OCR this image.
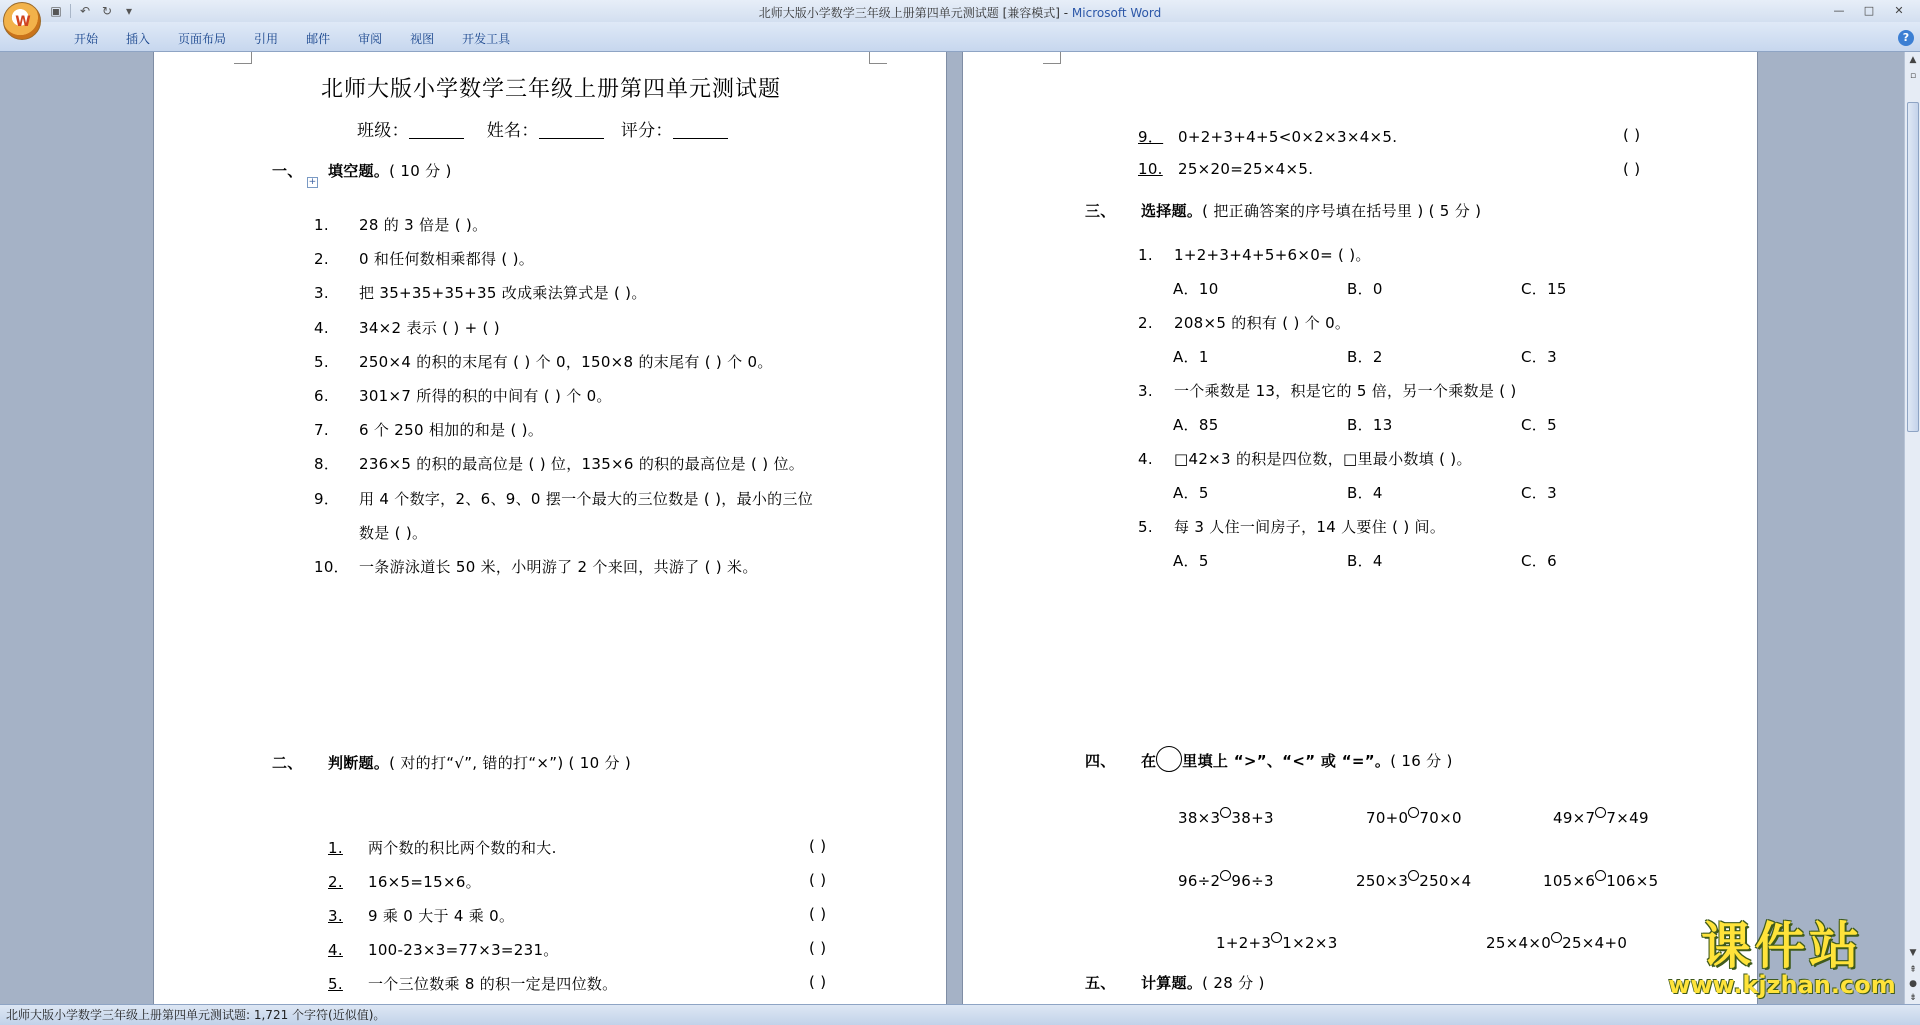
▣ ↶ ↻	▾	北师大版小学数学三年级上册第四单元测试题 [兼容模式] - Microsoft Word	—	□	✕
W
开始	插入	页面布局	引用	邮件	审阅	视图	开发工具	?
北师大版小学数学三年级上册第四单元测试题
班级：	姓名：	评分：
一、 填空题。( 10 分 )
+
1. 28 的 3 倍是 ( )。
2. 0 和任何数相乘都得 ( )。
3. 把 35+35+35+35 改成乘法算式是 ( )。
4. 34×2 表示 ( ) + ( )
5. 250×4 的积的末尾有 ( ) 个 0，150×8 的末尾有 ( ) 个 0。
6. 301×7 所得的积的中间有 ( ) 个 0。
7. 6 个 250 相加的和是 ( )。
8． 236×5 的积的最高位是 ( ) 位，135×6 的积的最高位是 ( ) 位。
9． 用 4 个数字，2、6、9、0 摆一个最大的三位数是 ( )，最小的三位
数是 ( )。
10． 一条游泳道长 50 米，小明游了 2 个来回，共游了 ( ) 米。
二、 判断题。( 对的打“√”, 错的打“×”) ( 10 分 )
1. 两个数的积比两个数的和大.	( )
2. 16×5=15×6。	( )
3. 9 乘 0 大于 4 乘 0。	( )
4. 100-23×3=77×3=231。	( )
5. 一个三位数乘 8 的积一定是四位数。	( )
9． 0+2+3+4+5<0×2×3×4×5.	( )
10. 25×20=25×4×5.	( )
三、 选择题。( 把正确答案的序号填在括号里 ) ( 5 分 )
1. 1+2+3+4+5+6×0= ( )。
A．10	B．0	C．15
2. 208×5 的积有 ( ) 个 0。
A．1	B．2	C．3
3. 一个乘数是 13，积是它的 5 倍，另一个乘数是 ( )
A．85	B．13	C．5
4. □42×3 的积是四位数，□里最小数填 ( )。
A．5	B．4	C．3
5. 每 3 人住一间房子，14 人要住 ( ) 间。
A．5	B．4	C．6
四、 在 里填上 “>”、“<” 或 “=”。( 16 分 )
38×3 38+3	70+0 70×0	49×7 7×49
96÷2 96÷3	250×3 250×4	105×6 106×5
1+2+3 1×2×3	25×4×0 25×4+0
五、 计算题。( 28 分 )
▲
▫
▼
⇞
●
⇟
北师大版小学数学三年级上册第四单元测试题: 1,721 个字符(近似值)。
课件站
www.kjzhan.com
